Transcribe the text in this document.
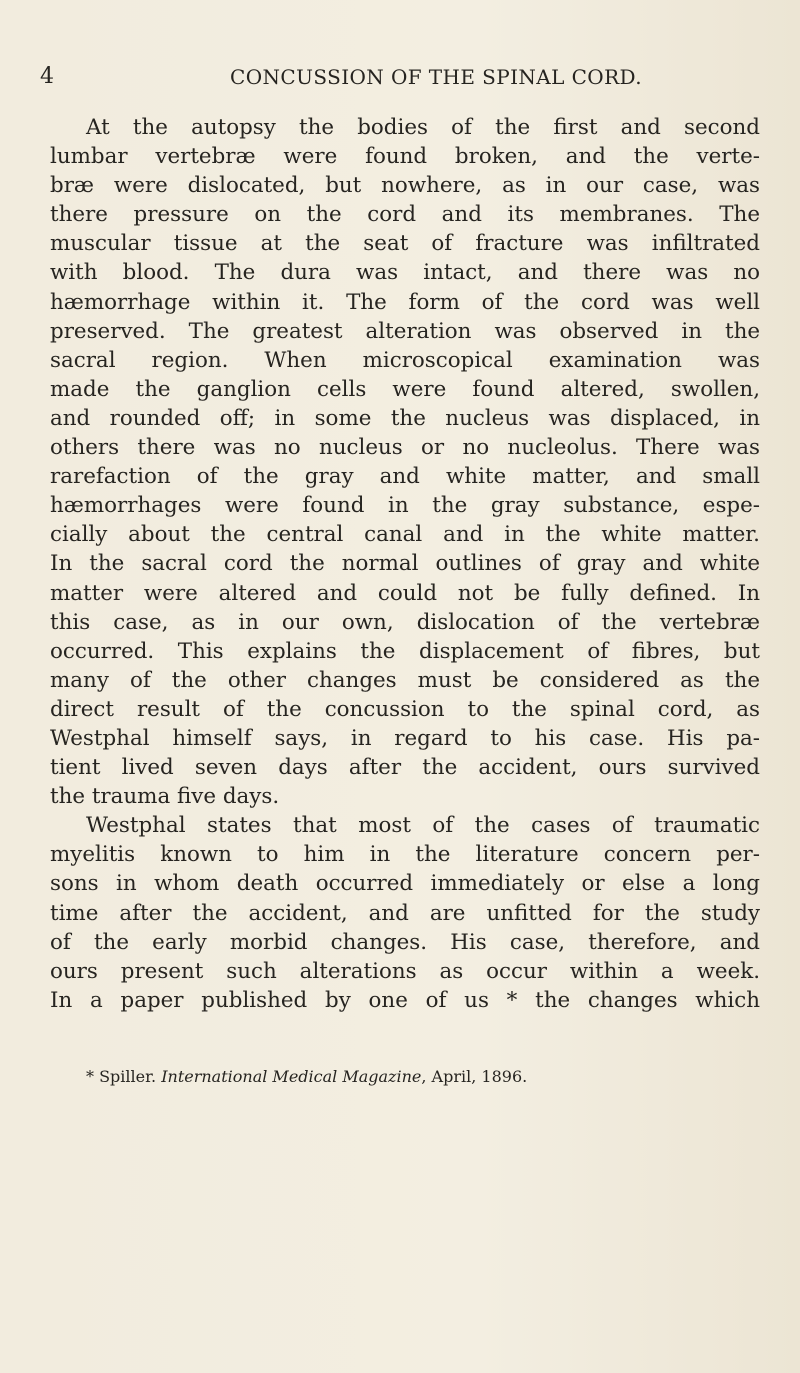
4	CONCUSSION OF THE SPINAL CORD.
At the autopsy the bodies of the first and second
lumbar vertebræ were found broken, and the verte-
bræ were dislocated, but nowhere, as in our case, was
there pressure on the cord and its membranes. The
muscular tissue at the seat of fracture was infiltrated
with blood. The dura was intact, and there was no
hæmorrhage within it. The form of the cord was well
preserved. The greatest alteration was observed in the
sacral region. When microscopical examination was
made the ganglion cells were found altered, swollen,
and rounded off; in some the nucleus was displaced, in
others there was no nucleus or no nucleolus. There was
rarefaction of the gray and white matter, and small
hæmorrhages were found in the gray substance, espe-
cially about the central canal and in the white matter.
In the sacral cord the normal outlines of gray and white
matter were altered and could not be fully defined. In
this case, as in our own, dislocation of the vertebræ
occurred. This explains the displacement of fibres, but
many of the other changes must be considered as the
direct result of the concussion to the spinal cord, as
Westphal himself says, in regard to his case. His pa-
tient lived seven days after the accident, ours survived
the trauma five days.
Westphal states that most of the cases of traumatic
myelitis known to him in the literature concern per-
sons in whom death occurred immediately or else a long
time after the accident, and are unfitted for the study
of the early morbid changes. His case, therefore, and
ours present such alterations as occur within a week.
In a paper published by one of us * the changes which
* Spiller. International Medical Magazine, April, 1896.
